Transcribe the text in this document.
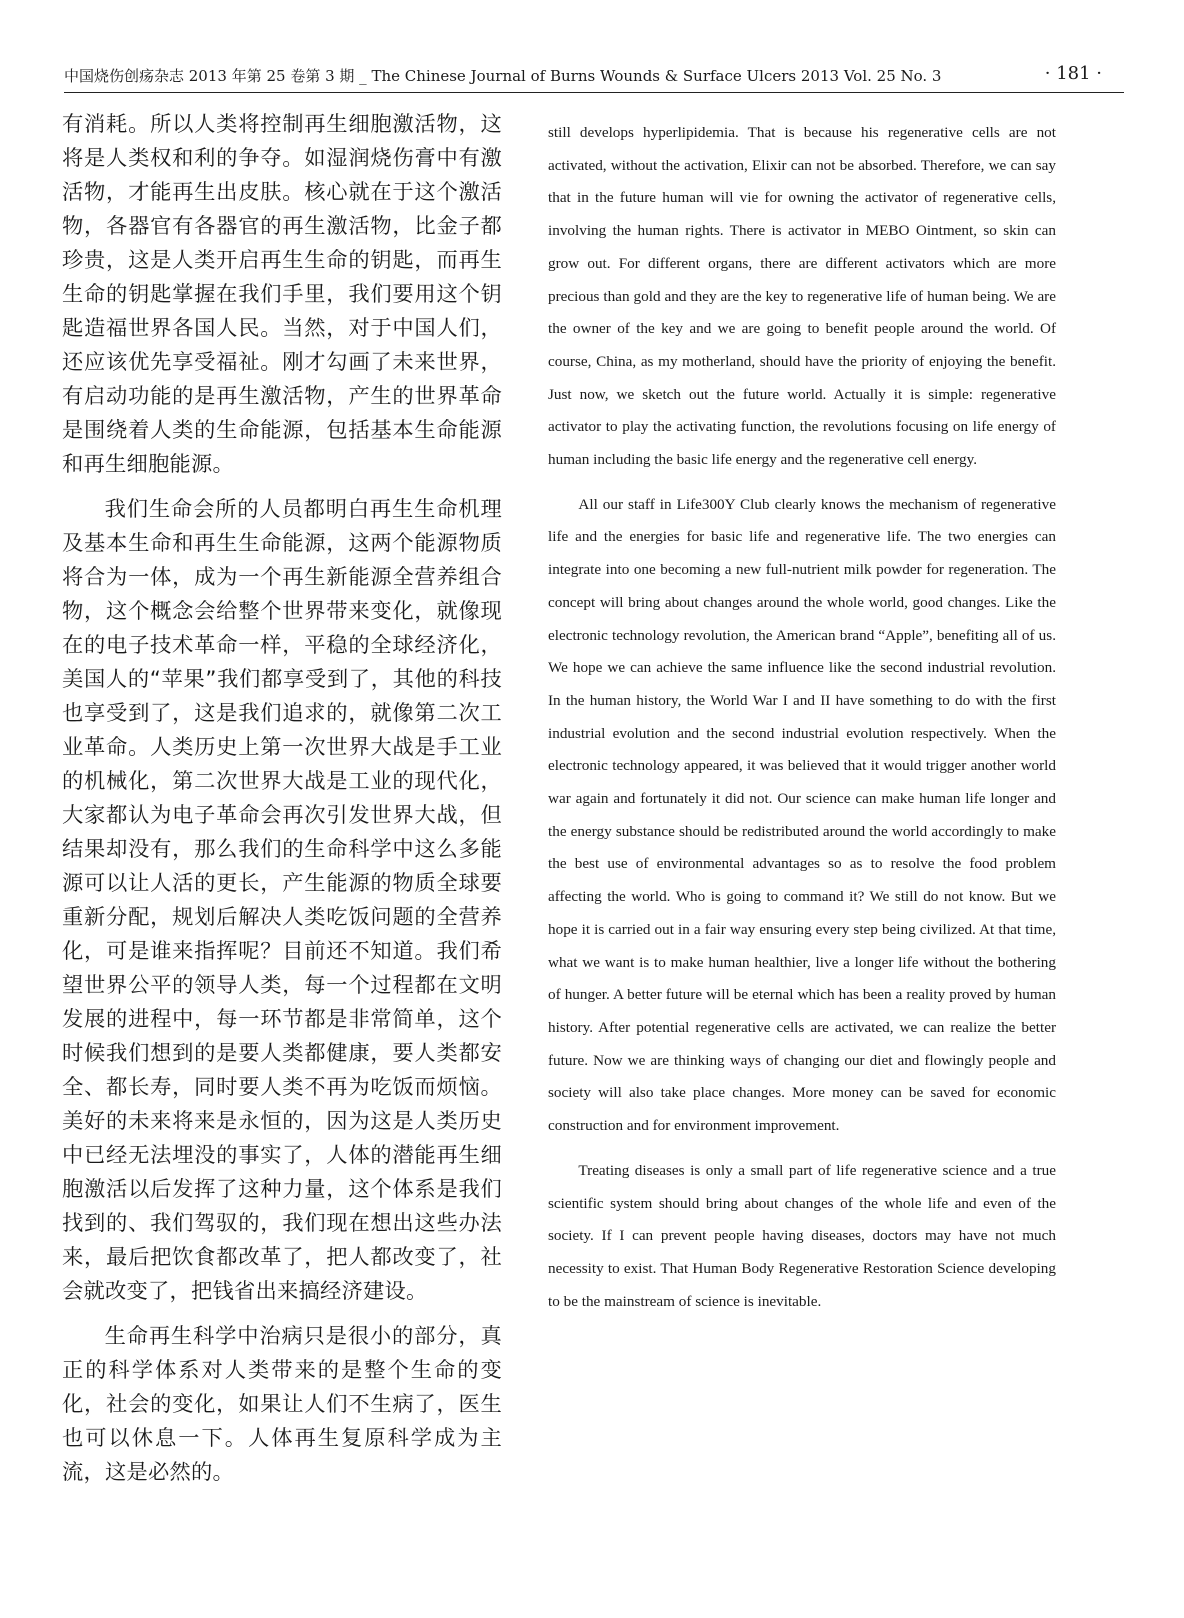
中国烧伤创疡杂志 2013 年第 25 卷第 3 期 _ The Chinese Journal of Burns Wounds & Surface Ulcers 2013 Vol. 25 No. 3	· 181 ·

有消耗。所以人类将控制再生细胞激活物，这将是人类权和利的争夺。如湿润烧伤膏中有激活物，才能再生出皮肤。核心就在于这个激活物，各器官有各器官的再生激活物，比金子都珍贵，这是人类开启再生生命的钥匙，而再生生命的钥匙掌握在我们手里，我们要用这个钥匙造福世界各国人民。当然，对于中国人们，还应该优先享受福祉。刚才勾画了未来世界，有启动功能的是再生激活物，产生的世界革命是围绕着人类的生命能源，包括基本生命能源和再生细胞能源。

我们生命会所的人员都明白再生生命机理及基本生命和再生生命能源，这两个能源物质将合为一体，成为一个再生新能源全营养组合物，这个概念会给整个世界带来变化，就像现在的电子技术革命一样，平稳的全球经济化，美国人的“苹果”我们都享受到了，其他的科技也享受到了，这是我们追求的，就像第二次工业革命。人类历史上第一次世界大战是手工业的机械化，第二次世界大战是工业的现代化，大家都认为电子革命会再次引发世界大战，但结果却没有，那么我们的生命科学中这么多能源可以让人活的更长，产生能源的物质全球要重新分配，规划后解决人类吃饭问题的全营养化，可是谁来指挥呢？目前还不知道。我们希望世界公平的领导人类，每一个过程都在文明发展的进程中，每一环节都是非常简单，这个时候我们想到的是要人类都健康，要人类都安全、都长寿，同时要人类不再为吃饭而烦恼。美好的未来将来是永恒的，因为这是人类历史中已经无法埋没的事实了，人体的潜能再生细胞激活以后发挥了这种力量，这个体系是我们找到的、我们驾驭的，我们现在想出这些办法来，最后把饮食都改革了，把人都改变了，社会就改变了，把钱省出来搞经济建设。

生命再生科学中治病只是很小的部分，真正的科学体系对人类带来的是整个生命的变化，社会的变化，如果让人们不生病了，医生也可以休息一下。人体再生复原科学成为主流，这是必然的。

still develops hyperlipidemia. That is because his regenerative cells are not activated, without the activation, Elixir can not be absorbed. Therefore, we can say that in the future human will vie for owning the activator of regenerative cells, involving the human rights. There is activator in MEBO Ointment, so skin can grow out. For different organs, there are different activators which are more precious than gold and they are the key to regenerative life of human being. We are the owner of the key and we are going to benefit people around the world. Of course, China, as my motherland, should have the priority of enjoying the benefit. Just now, we sketch out the future world. Actually it is simple: regenerative activator to play the activating function, the revolutions focusing on life energy of human including the basic life energy and the regenerative cell energy.

All our staff in Life300Y Club clearly knows the mechanism of regenerative life and the energies for basic life and regenerative life. The two energies can integrate into one becoming a new full-nutrient milk powder for regeneration. The concept will bring about changes around the whole world, good changes. Like the electronic technology revolution, the American brand “Apple”, benefiting all of us. We hope we can achieve the same influence like the second industrial revolution. In the human history, the World War I and II have something to do with the first industrial evolution and the second industrial evolution respectively. When the electronic technology appeared, it was believed that it would trigger another world war again and fortunately it did not. Our science can make human life longer and the energy substance should be redistributed around the world accordingly to make the best use of environmental advantages so as to resolve the food problem affecting the world. Who is going to command it? We still do not know. But we hope it is carried out in a fair way ensuring every step being civilized. At that time, what we want is to make human healthier, live a longer life without the bothering of hunger. A better future will be eternal which has been a reality proved by human history. After potential regenerative cells are activated, we can realize the better future. Now we are thinking ways of changing our diet and flowingly people and society will also take place changes. More money can be saved for economic construction and for environment improvement.

Treating diseases is only a small part of life regenerative science and a true scientific system should bring about changes of the whole life and even of the society. If I can prevent people having diseases, doctors may have not much necessity to exist. That Human Body Regenerative Restoration Science developing to be the mainstream of science is inevitable.
